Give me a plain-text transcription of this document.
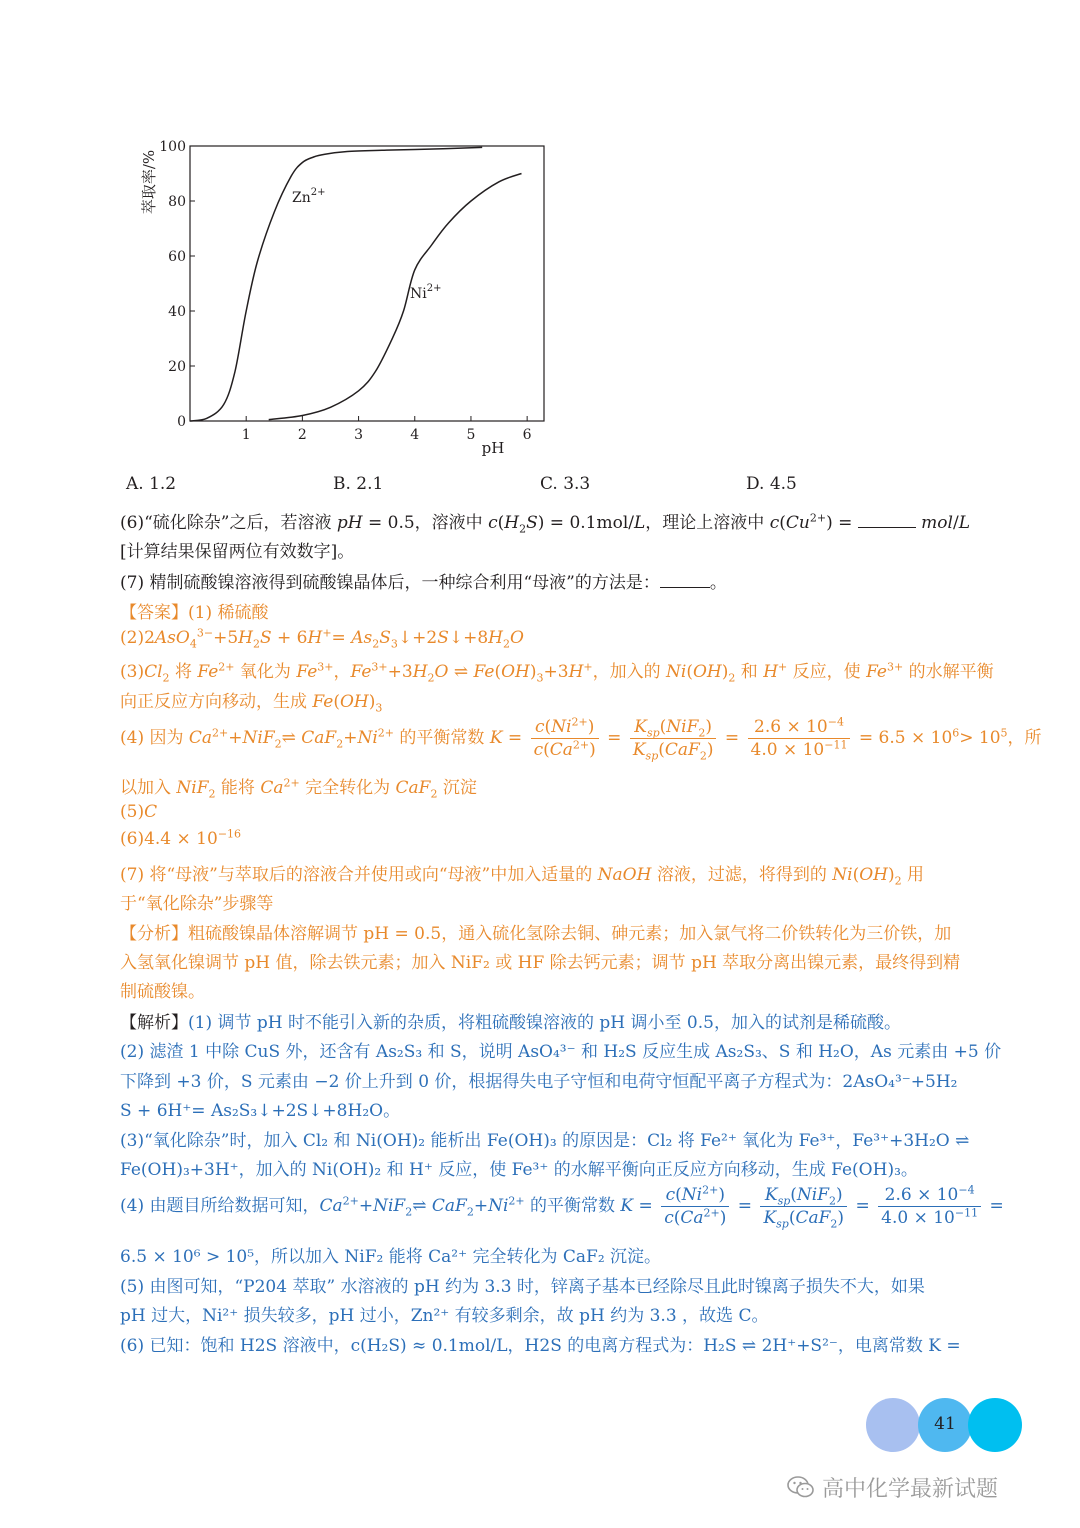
1	2	3	4	5	6
0
20
40
60
80
100
$Zn^{2+}$
$Ni^{2+}$
pH
萃取率/%
A. 1.2	B. 2.1	C. 3.3	D. 4.5
(6)“硫化除杂”之后，若溶液 pH = 0.5，溶液中 $c(H_2S) = 0.1mol/L$，理论上溶液中 $c(Cu^{2+})$ =	mol/L
[计算结果保留两位有效数字]。
(7) 精制硫酸镍溶液得到硫酸镍晶体后，一种综合利用“母液”的方法是：	。
【答案】(1) 稀硫酸
$(2)2AsO_4^{3-}+5H_2S + 6H^+=$ $As_2S_3↓+2S↓+8H_2O$
$(3)Cl_2$ 将 $Fe^{2+}$ 氧化为 $Fe^{3+}$，$Fe^{3+}+3H_2O$ ⇌ $Fe(OH)_3+3H^+$，加入的 $Ni(OH)_2$ 和 H+ 反应，使 $Fe^{3+}$ 的水解平衡
向正反应方向移动，生成 $Fe(OH)_3$
(4) 因为 $Ca^{2+}+NiF_2\rightleftharpoons$ $CaF_2+Ni^{2+}$ 的平衡常数 $K = \frac{c(Ni^{2+})}{c(Ca^{2+})} = \frac{K_{sp}(NiF_2)}{K_{sp}(CaF_2)} = \frac{2.6 \times 10^{-4}}{4.0 \times 10^{-11}} = 6.5 \times 10^6> 10^5$，所
以加入 NiF$_2$ 能将 $Ca^{2+}$ 完全转化为 CaF$_2$ 沉淀
(5)C
$(6)4.4 \times 10^{-16}$
(7) 将“母液”与萃取后的溶液合并使用或向“母液”中加入适量的 NaOH 溶液，过滤，将得到的 $Ni(OH)_2$ 用
于“氧化除杂”步骤等
【分析】粗硫酸镍晶体溶解调节 pH = 0.5，通入硫化氢除去铜、砷元素；加入氯气将二价铁转化为三价铁，加
入氢氧化镍调节 pH 值，除去铁元素；加入 NiF₂ 或 HF 除去钙元素；调节 pH 萃取分离出镍元素，最终得到精
制硫酸镍。
【解析】(1) 调节 pH 时不能引入新的杂质，将粗硫酸镍溶液的 pH 调小至 0.5，加入的试剂是稀硫酸。
(2) 滤渣 1 中除 CuS 外，还含有 As₂S₃ 和 S，说明 AsO₄³⁻ 和 H₂S 反应生成 As₂S₃、S 和 H₂O，As 元素由 +5 价
下降到 +3 价，S 元素由 −2 价上升到 0 价，根据得失电子守恒和电荷守恒配平离子方程式为：2AsO₄³⁻+5H₂
S + 6H⁺= As₂S₃↓+2S↓+8H₂O。
(3)“氧化除杂”时，加入 Cl₂ 和 Ni(OH)₂ 能析出 Fe(OH)₃ 的原因是：Cl₂ 将 Fe²⁺ 氧化为 Fe³⁺，Fe³⁺+3H₂O ⇌
Fe(OH)₃+3H⁺，加入的 Ni(OH)₂ 和 H⁺ 反应，使 Fe³⁺ 的水解平衡向正反应方向移动，生成 Fe(OH)₃。
(4) 由题目所给数据可知，$Ca^{2+}+NiF_2\rightleftharpoons$ $CaF_2+Ni^{2+}$ 的平衡常数 $K = \frac{c(Ni^{2+})}{c(Ca^{2+})} = \frac{K_{sp}(NiF_2)}{K_{sp}(CaF_2)} = \frac{2.6 \times 10^{-4}}{4.0 \times 10^{-11}}$ =
6.5 × 10⁶ > 10⁵，所以加入 NiF₂ 能将 Ca²⁺ 完全转化为 CaF₂ 沉淀。
(5) 由图可知，“P204 萃取” 水溶液的 pH 约为 3.3 时，锌离子基本已经除尽且此时镍离子损失不大，如果
pH 过大，Ni²⁺ 损失较多，pH 过小，Zn²⁺ 有较多剩余，故 pH 约为 3.3 ，故选 C。
(6) 已知：饱和 H2S 溶液中，c(H₂S) ≈ 0.1mol/L，H2S 的电离方程式为：H₂S ⇌ 2H⁺+S²⁻，电离常数 K =
41
高中化学最新试题
